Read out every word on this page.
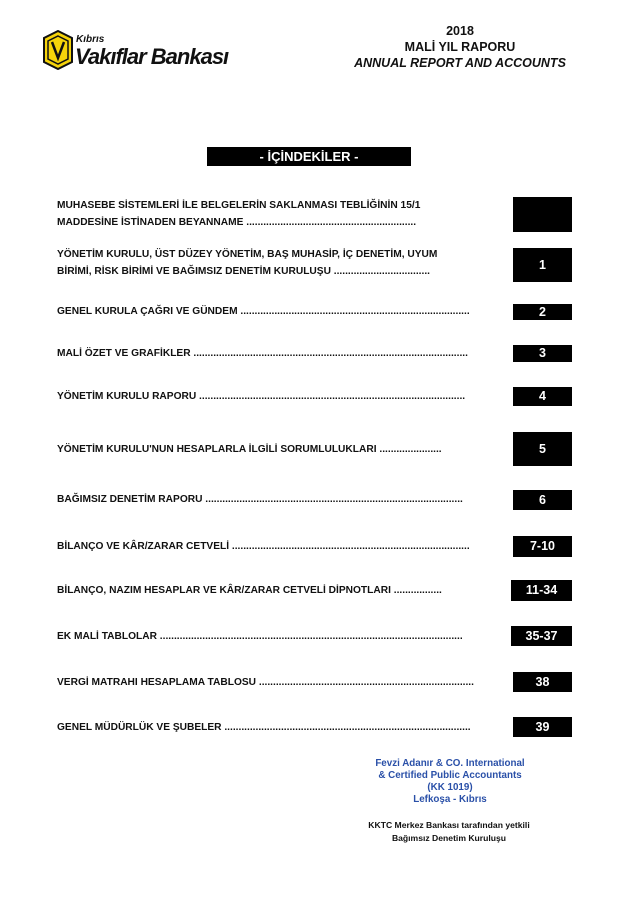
Kıbrıs
Vakıflar Bankası
2018
MALİ YIL RAPORU
ANNUAL REPORT AND ACCOUNTS
- İÇİNDEKİLER -
MUHASEBE SİSTEMLERİ İLE BELGELERİN SAKLANMASI TEBLİĞİNİN 15/1
MADDESİNE İSTİNADEN BEYANNAME ............................................................
YÖNETİM KURULU, ÜST DÜZEY YÖNETİM, BAŞ MUHASİP, İÇ DENETİM, UYUM
BİRİMİ, RİSK BİRİMİ VE BAĞIMSIZ DENETİM KURULUŞU ..................................	1
GENEL KURULA ÇAĞRI VE GÜNDEM .................................................................................	2
MALİ ÖZET VE GRAFİKLER .................................................................................................	3
YÖNETİM KURULU RAPORU ..............................................................................................	4
YÖNETİM KURULU'NUN HESAPLARLA İLGİLİ SORUMLULUKLARI ......................	5
BAĞIMSIZ DENETİM RAPORU ...........................................................................................	6
BİLANÇO VE KÂR/ZARAR CETVELİ ....................................................................................	7-10
BİLANÇO, NAZIM HESAPLAR VE KÂR/ZARAR CETVELİ DİPNOTLARI .................	11-34
EK MALİ TABLOLAR ...........................................................................................................	35-37
VERGİ MATRAHI HESAPLAMA TABLOSU ............................................................................	38
GENEL MÜDÜRLÜK VE ŞUBELER .......................................................................................	39
Fevzi Adanır & CO. International
& Certified Public Accountants
(KK 1019)
Lefkoşa - Kıbrıs
KKTC Merkez Bankası tarafından yetkili
Bağımsız Denetim Kuruluşu
